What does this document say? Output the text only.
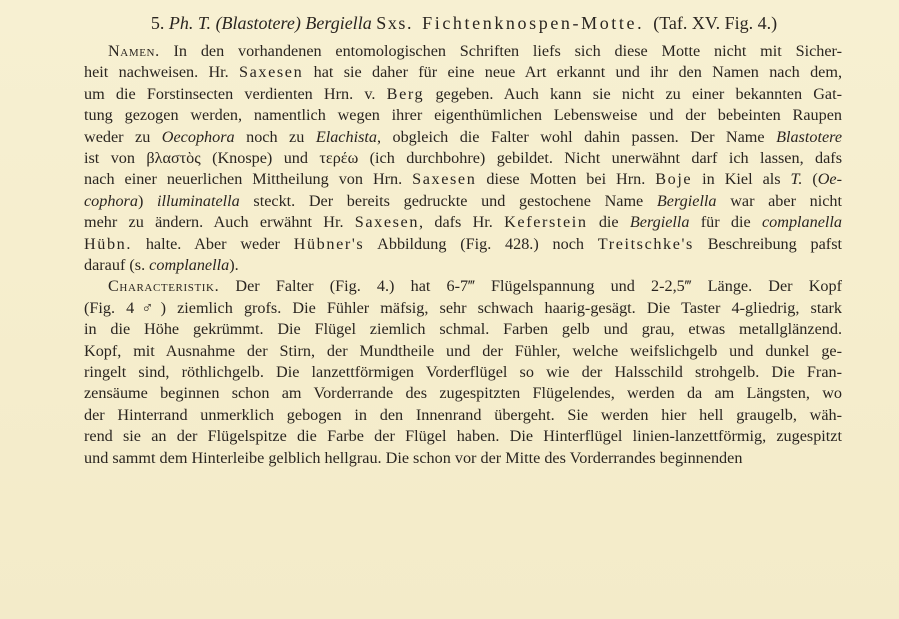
5. Ph. T. (Blastotere) Bergiella Sxs. Fichtenknospen-Motte. (Taf. XV. Fig. 4.)
Namen. In den vorhandenen entomologischen Schriften liefs sich diese Motte nicht mit Sicher-
heit nachweisen. Hr. Saxesen hat sie daher für eine neue Art erkannt und ihr den Namen nach dem,
um die Forstinsecten verdienten Hrn. v. Berg gegeben. Auch kann sie nicht zu einer bekannten Gat-
tung gezogen werden, namentlich wegen ihrer eigenthümlichen Lebensweise und der bebeinten Raupen
weder zu Oecophora noch zu Elachista, obgleich die Falter wohl dahin passen. Der Name Blastotere
ist von βλαστὸς (Knospe) und τερέω (ich durchbohre) gebildet. Nicht unerwähnt darf ich lassen, dafs
nach einer neuerlichen Mittheilung von Hrn. Saxesen diese Motten bei Hrn. Boje in Kiel als T. (Oe-
cophora) illuminatella steckt. Der bereits gedruckte und gestochene Name Bergiella war aber nicht
mehr zu ändern. Auch erwähnt Hr. Saxesen, dafs Hr. Keferstein die Bergiella für die complanella
Hübn. halte. Aber weder Hübner's Abbildung (Fig. 428.) noch Treitschke's Beschreibung pafst
darauf (s. complanella).
Characteristik. Der Falter (Fig. 4.) hat 6-7‴ Flügelspannung und 2-2,5‴ Länge. Der Kopf
(Fig. 4♂) ziemlich grofs. Die Fühler mäfsig, sehr schwach haarig-gesägt. Die Taster 4-gliedrig, stark
in die Höhe gekrümmt. Die Flügel ziemlich schmal. Farben gelb und grau, etwas metallglänzend.
Kopf, mit Ausnahme der Stirn, der Mundtheile und der Fühler, welche weifslichgelb und dunkel ge-
ringelt sind, röthlichgelb. Die lanzettförmigen Vorderflügel so wie der Halsschild strohgelb. Die Fran-
zensäume beginnen schon am Vorderrande des zugespitzten Flügelendes, werden da am Längsten, wo
der Hinterrand unmerklich gebogen in den Innenrand übergeht. Sie werden hier hell graugelb, wäh-
rend sie an der Flügelspitze die Farbe der Flügel haben. Die Hinterflügel linien-lanzettförmig, zugespitzt
und sammt dem Hinterleibe gelblich hellgrau. Die schon vor der Mitte des Vorderrandes beginnenden
